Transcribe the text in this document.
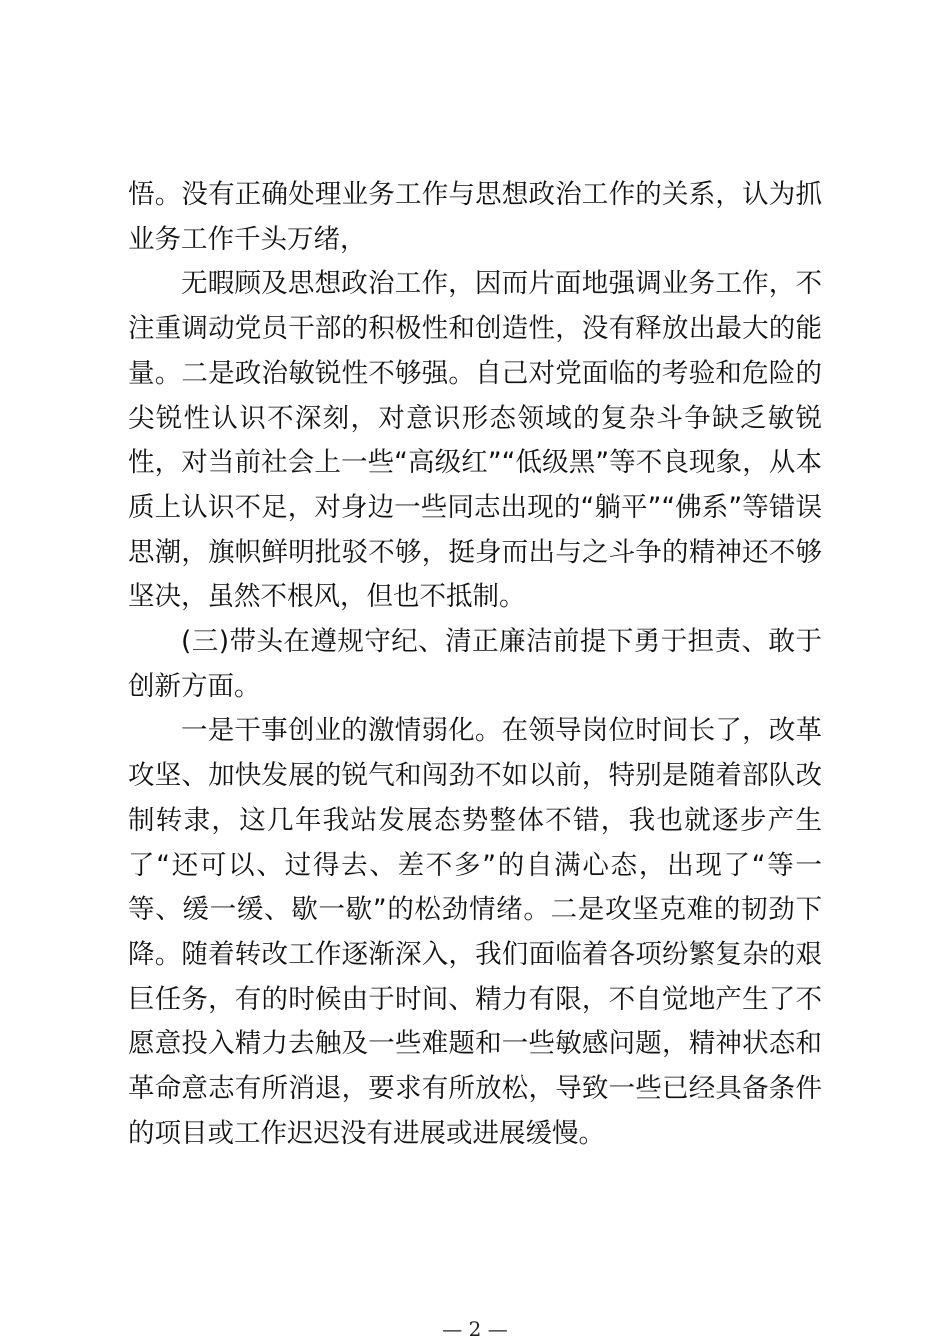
悟。没有正确处理业务工作与思想政治工作的关系，认为抓业务工作千头万绪，

无暇顾及思想政治工作，因而片面地强调业务工作，不注重调动党员干部的积极性和创造性，没有释放出最大的能量。二是政治敏锐性不够强。自己对党面临的考验和危险的尖锐性认识不深刻，对意识形态领域的复杂斗争缺乏敏锐性，对当前社会上一些“高级红”“低级黑”等不良现象，从本质上认识不足，对身边一些同志出现的“躺平”“佛系”等错误思潮，旗帜鲜明批驳不够，挺身而出与之斗争的精神还不够坚决，虽然不根风，但也不抵制。

(三)带头在遵规守纪、清正廉洁前提下勇于担责、敢于创新方面。

一是干事创业的激情弱化。在领导岗位时间长了，改革攻坚、加快发展的锐气和闯劲不如以前，特别是随着部队改制转隶，这几年我站发展态势整体不错，我也就逐步产生了“还可以、过得去、差不多”的自满心态，出现了“等一等、缓一缓、歇一歇”的松劲情绪。二是攻坚克难的韧劲下降。随着转改工作逐渐深入，我们面临着各项纷繁复杂的艰巨任务，有的时候由于时间、精力有限，不自觉地产生了不愿意投入精力去触及一些难题和一些敏感问题，精神状态和革命意志有所消退，要求有所放松，导致一些已经具备条件的项目或工作迟迟没有进展或进展缓慢。

— 2 —
